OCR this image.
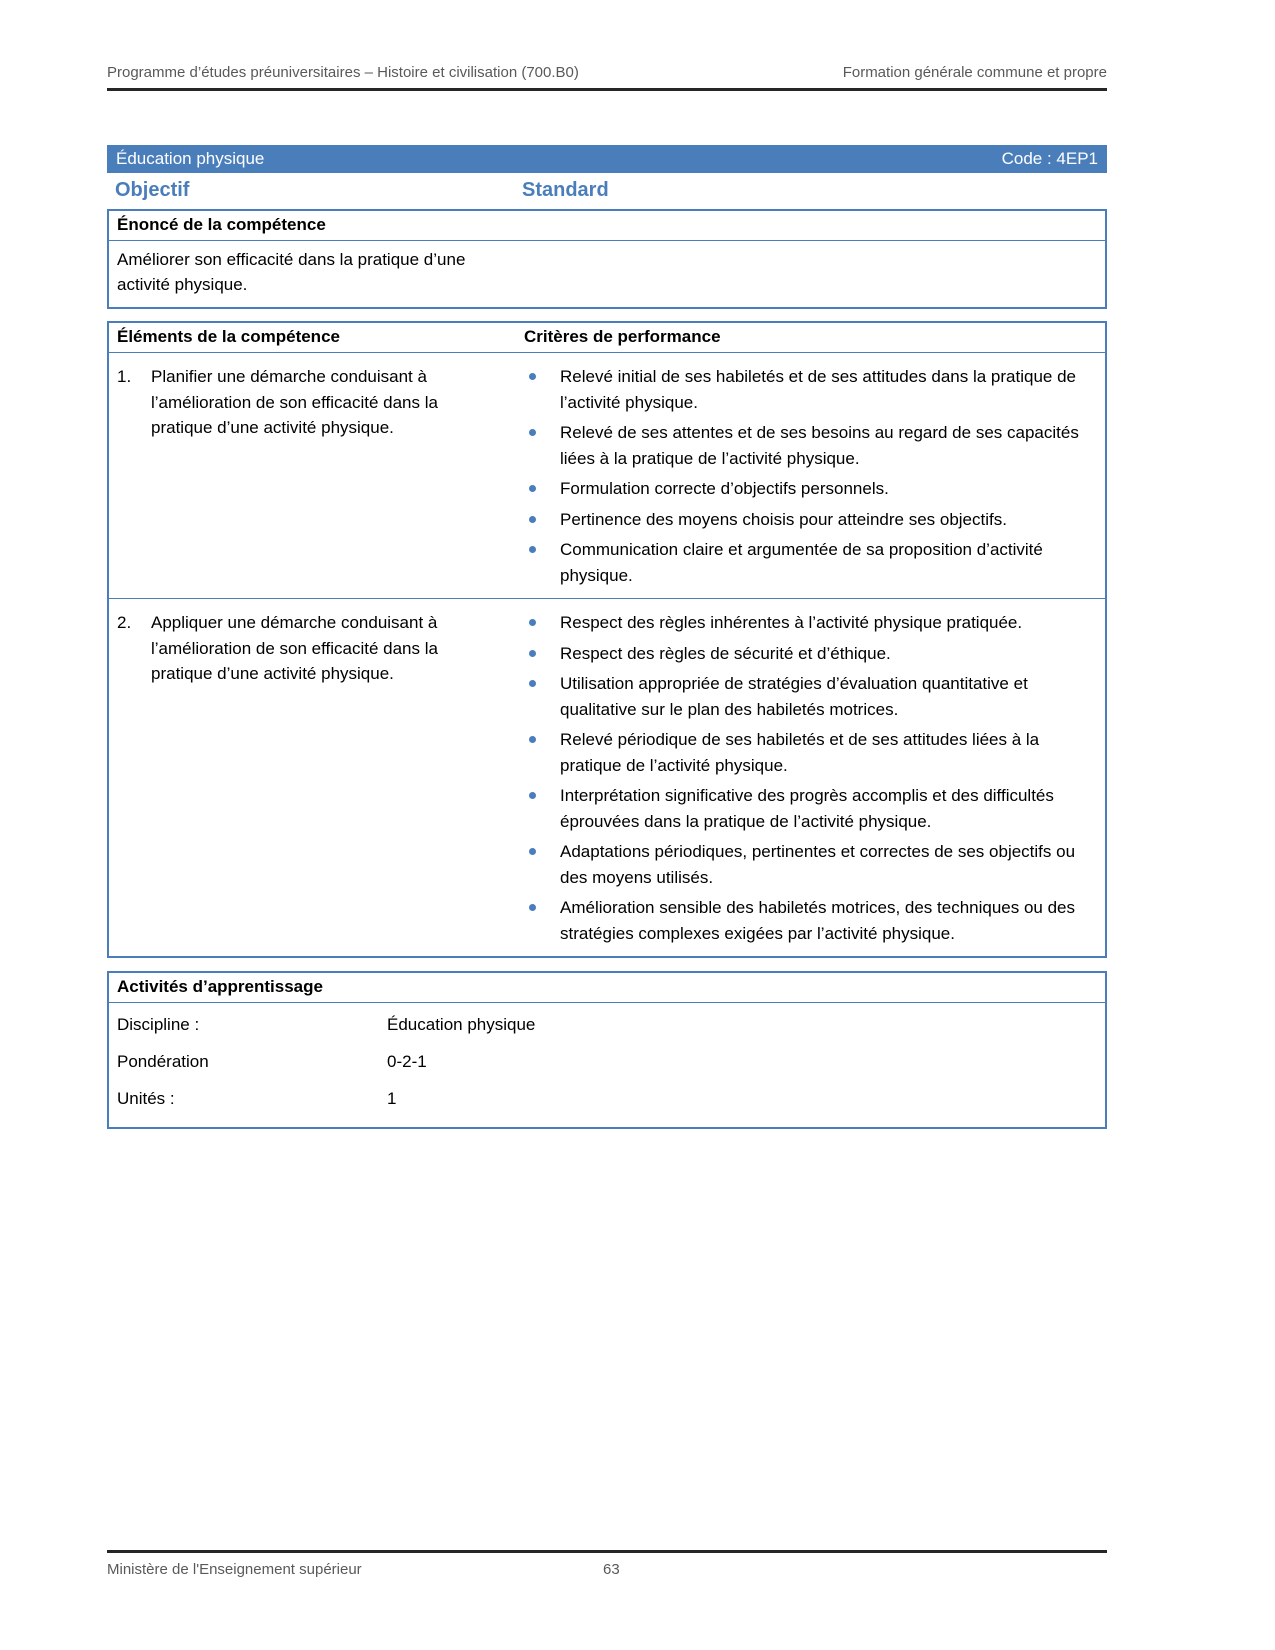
Programme d’études préuniversitaires – Histoire et civilisation (700.B0)	Formation générale commune et propre
Éducation physique	Code : 4EP1
Objectif	Standard
Énoncé de la compétence
Améliorer son efficacité dans la pratique d’une activité physique.
Éléments de la compétence	Critères de performance
1.	Planifier une démarche conduisant à l’amélioration de son efficacité dans la pratique d’une activité physique.
Relevé initial de ses habiletés et de ses attitudes dans la pratique de l’activité physique.
Relevé de ses attentes et de ses besoins au regard de ses capacités liées à la pratique de l’activité physique.
Formulation correcte d’objectifs personnels.
Pertinence des moyens choisis pour atteindre ses objectifs.
Communication claire et argumentée de sa proposition d’activité physique.
2.	Appliquer une démarche conduisant à l’amélioration de son efficacité dans la pratique d’une activité physique.
Respect des règles inhérentes à l’activité physique pratiquée.
Respect des règles de sécurité et d’éthique.
Utilisation appropriée de stratégies d’évaluation quantitative et qualitative sur le plan des habiletés motrices.
Relevé périodique de ses habiletés et de ses attitudes liées à la pratique de l’activité physique.
Interprétation significative des progrès accomplis et des difficultés éprouvées dans la pratique de l’activité physique.
Adaptations périodiques, pertinentes et correctes de ses objectifs ou des moyens utilisés.
Amélioration sensible des habiletés motrices, des techniques ou des stratégies complexes exigées par l’activité physique.
Activités d’apprentissage
Discipline :	Éducation physique
Pondération	0-2-1
Unités :	1
Ministère de l'Enseignement supérieur	63
